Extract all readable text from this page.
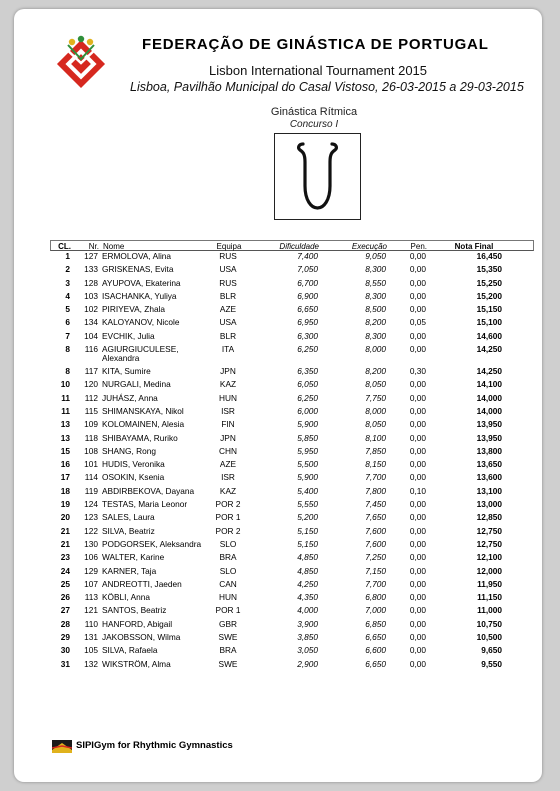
FEDERAÇÃO DE GINÁSTICA DE PORTUGAL
Lisbon International Tournament 2015
Lisboa, Pavilhão Municipal do Casal Vistoso, 26-03-2015 a 29-03-2015
Ginástica Rítmica
Concurso I
CL.	Nr. Nome	Equipa	Dificuldade	Execução	Pen.	Nota Final
1	127 ERMOLOVA, Alina	RUS	7,400	9,050	0,00	16,450
2	133 GRISKENAS, Evita	USA	7,050	8,300	0,00	15,350
3	128 AYUPOVA, Ekaterina	RUS	6,700	8,550	0,00	15,250
4	103 ISACHANKA, Yuliya	BLR	6,900	8,300	0,00	15,200
5	102 PIRIYEVA, Zhala	AZE	6,650	8,500	0,00	15,150
6	134 KALOYANOV, Nicole	USA	6,950	8,200	0,05	15,100
7	104 EVCHIK, Julia	BLR	6,300	8,300	0,00	14,600
8	116 AGIURGIUCULESE,	ITA	6,250	8,000	0,00	14,250
Alexandra
8	117 KITA, Sumire	JPN	6,350	8,200	0,30	14,250
10	120 NURGALI, Medina	KAZ	6,050	8,050	0,00	14,100
11	112 JUHÁSZ, Anna	HUN	6,250	7,750	0,00	14,000
11	115 SHIMANSKAYA, Nikol	ISR	6,000	8,000	0,00	14,000
13	109 KOLOMAINEN, Alesia	FIN	5,900	8,050	0,00	13,950
13	118 SHIBAYAMA, Ruriko	JPN	5,850	8,100	0,00	13,950
15	108 SHANG, Rong	CHN	5,950	7,850	0,00	13,800
16	101 HUDIS, Veronika	AZE	5,500	8,150	0,00	13,650
17	114 OSOKIN, Ksenia	ISR	5,900	7,700	0,00	13,600
18	119 ABDIRBEKOVA, Dayana	KAZ	5,400	7,800	0,10	13,100
19	124 TESTAS, Maria Leonor	POR 2	5,550	7,450	0,00	13,000
20	123 SALES, Laura	POR 1	5,200	7,650	0,00	12,850
21	122 SILVA, Beatriz	POR 2	5,150	7,600	0,00	12,750
21	130 PODGORSEK, Aleksandra	SLO	5,150	7,600	0,00	12,750
23	106 WALTER, Karine	BRA	4,850	7,250	0,00	12,100
24	129 KARNER, Taja	SLO	4,850	7,150	0,00	12,000
25	107 ANDREOTTI, Jaeden	CAN	4,250	7,700	0,00	11,950
26	113 KÖBLI, Anna	HUN	4,350	6,800	0,00	11,150
27	121 SANTOS, Beatriz	POR 1	4,000	7,000	0,00	11,000
28	110 HANFORD, Abigail	GBR	3,900	6,850	0,00	10,750
29	131 JAKOBSSON, Wilma	SWE	3,850	6,650	0,00	10,500
30	105 SILVA, Rafaela	BRA	3,050	6,600	0,00	9,650
31	132 WIKSTRÖM, Alma	SWE	2,900	6,650	0,00	9,550
SIPIGym for Rhythmic Gymnastics
